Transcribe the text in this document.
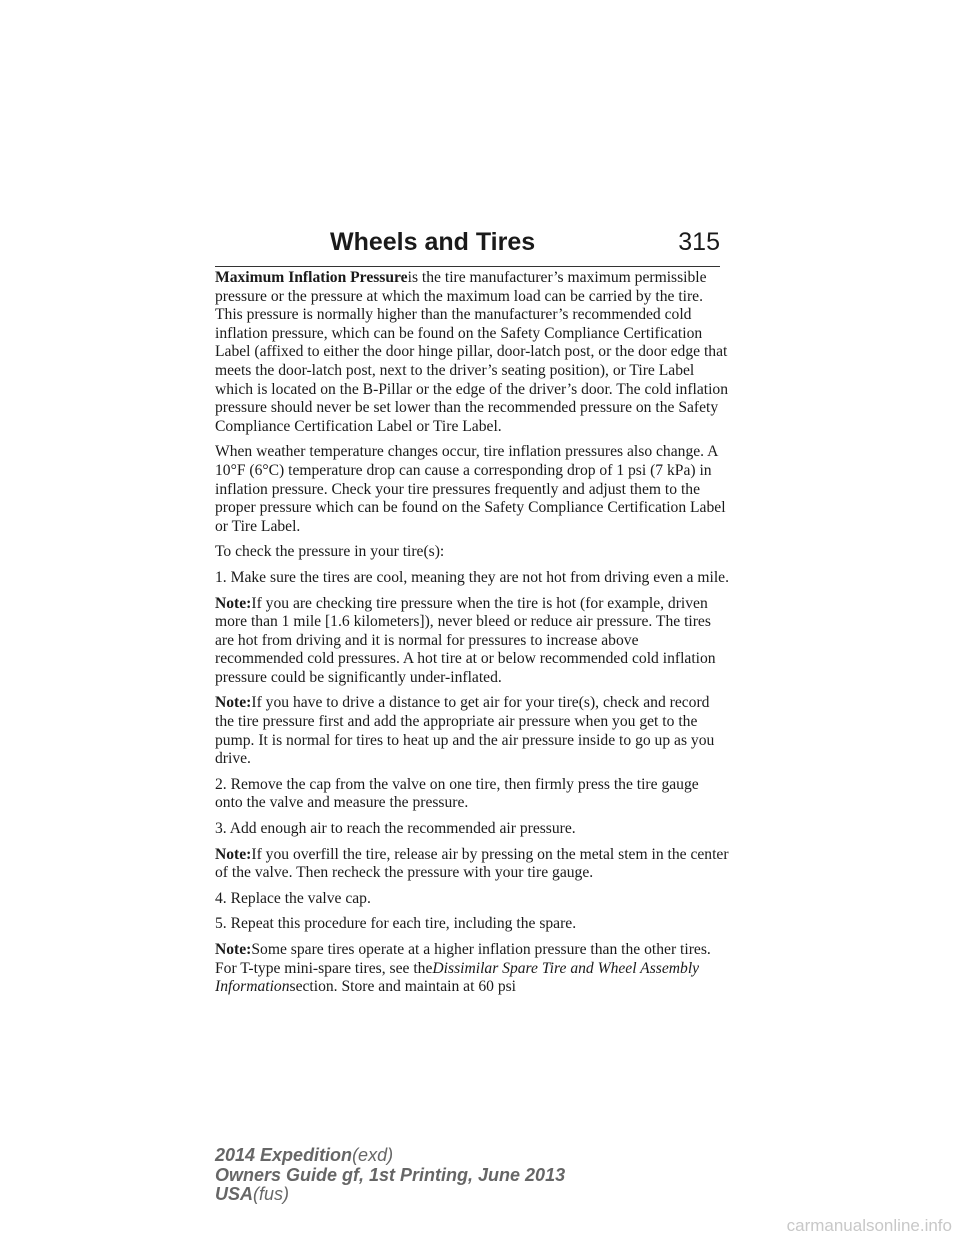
Wheels and Tires	315

Maximum Inflation Pressureis the tire manufacturer’s maximum permissible pressure or the pressure at which the maximum load can be carried by the tire. This pressure is normally higher than the manufacturer’s recommended cold inflation pressure, which can be found on the Safety Compliance Certification Label (affixed to either the door hinge pillar, door-latch post, or the door edge that meets the door-latch post, next to the driver’s seating position), or Tire Label which is located on the B-Pillar or the edge of the driver’s door. The cold inflation pressure should never be set lower than the recommended pressure on the Safety Compliance Certification Label or Tire Label.

When weather temperature changes occur, tire inflation pressures also change. A 10°F (6°C) temperature drop can cause a corresponding drop of 1 psi (7 kPa) in inflation pressure. Check your tire pressures frequently and adjust them to the proper pressure which can be found on the Safety Compliance Certification Label or Tire Label.

To check the pressure in your tire(s):

1. Make sure the tires are cool, meaning they are not hot from driving even a mile.

Note:If you are checking tire pressure when the tire is hot (for example, driven more than 1 mile [1.6 kilometers]), never bleed or reduce air pressure. The tires are hot from driving and it is normal for pressures to increase above recommended cold pressures. A hot tire at or below recommended cold inflation pressure could be significantly under-inflated.

Note:If you have to drive a distance to get air for your tire(s), check and record the tire pressure first and add the appropriate air pressure when you get to the pump. It is normal for tires to heat up and the air pressure inside to go up as you drive.

2. Remove the cap from the valve on one tire, then firmly press the tire gauge onto the valve and measure the pressure.

3. Add enough air to reach the recommended air pressure.

Note:If you overfill the tire, release air by pressing on the metal stem in the center of the valve. Then recheck the pressure with your tire gauge.

4. Replace the valve cap.

5. Repeat this procedure for each tire, including the spare.

Note:Some spare tires operate at a higher inflation pressure than the other tires. For T-type mini-spare tires, see theDissimilar Spare Tire and Wheel Assembly Informationsection. Store and maintain at 60 psi

2014 Expedition(exd)
Owners Guide gf, 1st Printing, June 2013
USA(fus)
carmanualsonline.info
